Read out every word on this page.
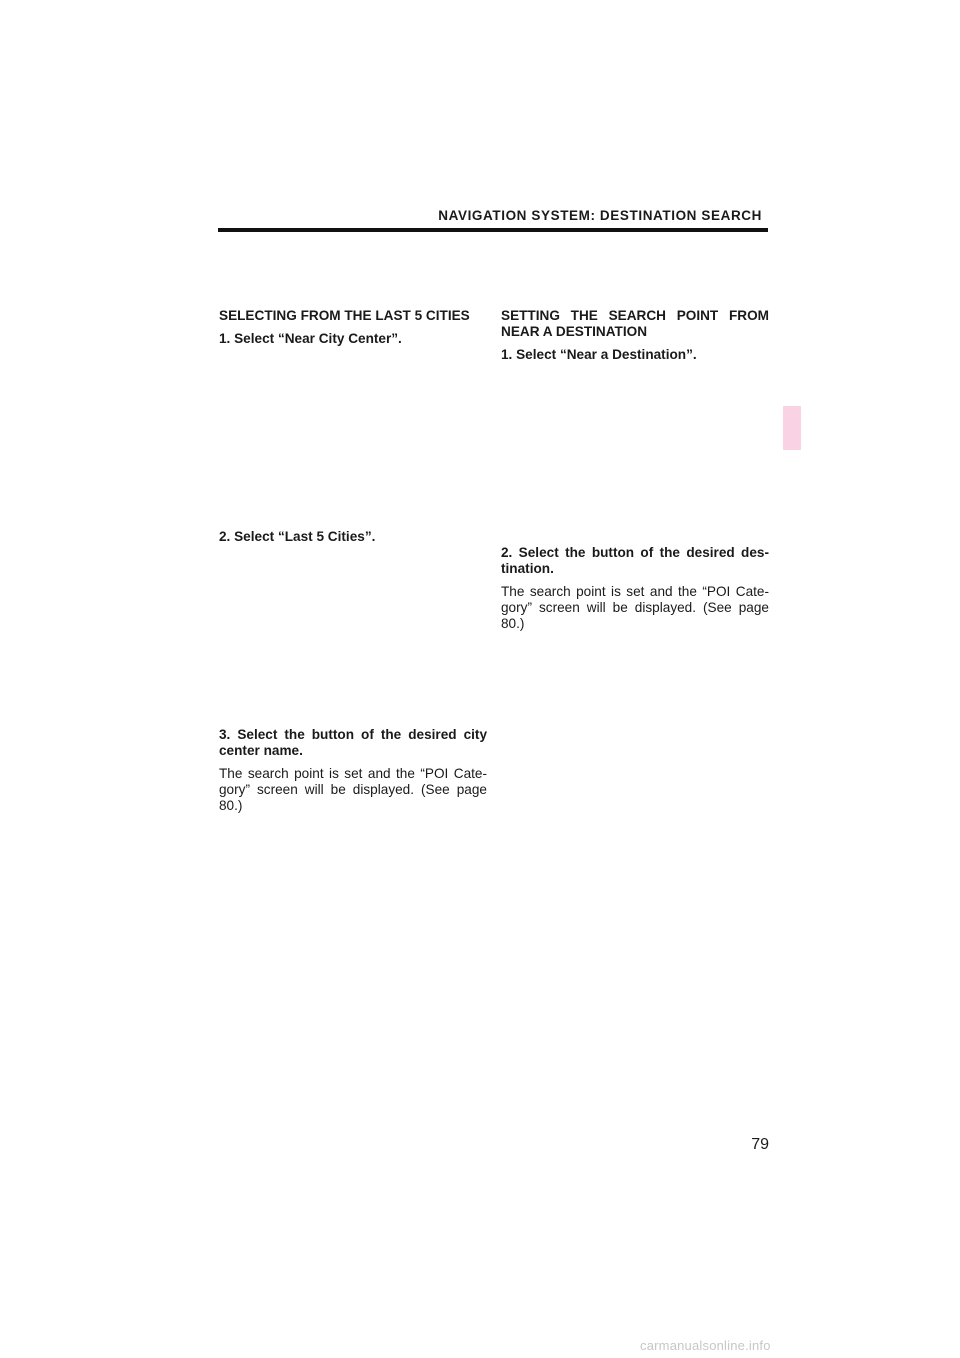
NAVIGATION SYSTEM: DESTINATION SEARCH

SELECTING FROM THE LAST 5 CITIES

1. Select “Near City Center”.

2. Select “Last 5 Cities”.

3. Select the button of the desired city

center name.

The search point is set and the “POI Cate-

gory” screen will be displayed. (See page

80.)

SETTING THE SEARCH POINT FROM

NEAR A DESTINATION

1. Select “Near a Destination”.

2. Select the button of the desired des-

tination.

The search point is set and the “POI Cate-

gory” screen will be displayed. (See page

80.)

79
carmanualsonline.info
